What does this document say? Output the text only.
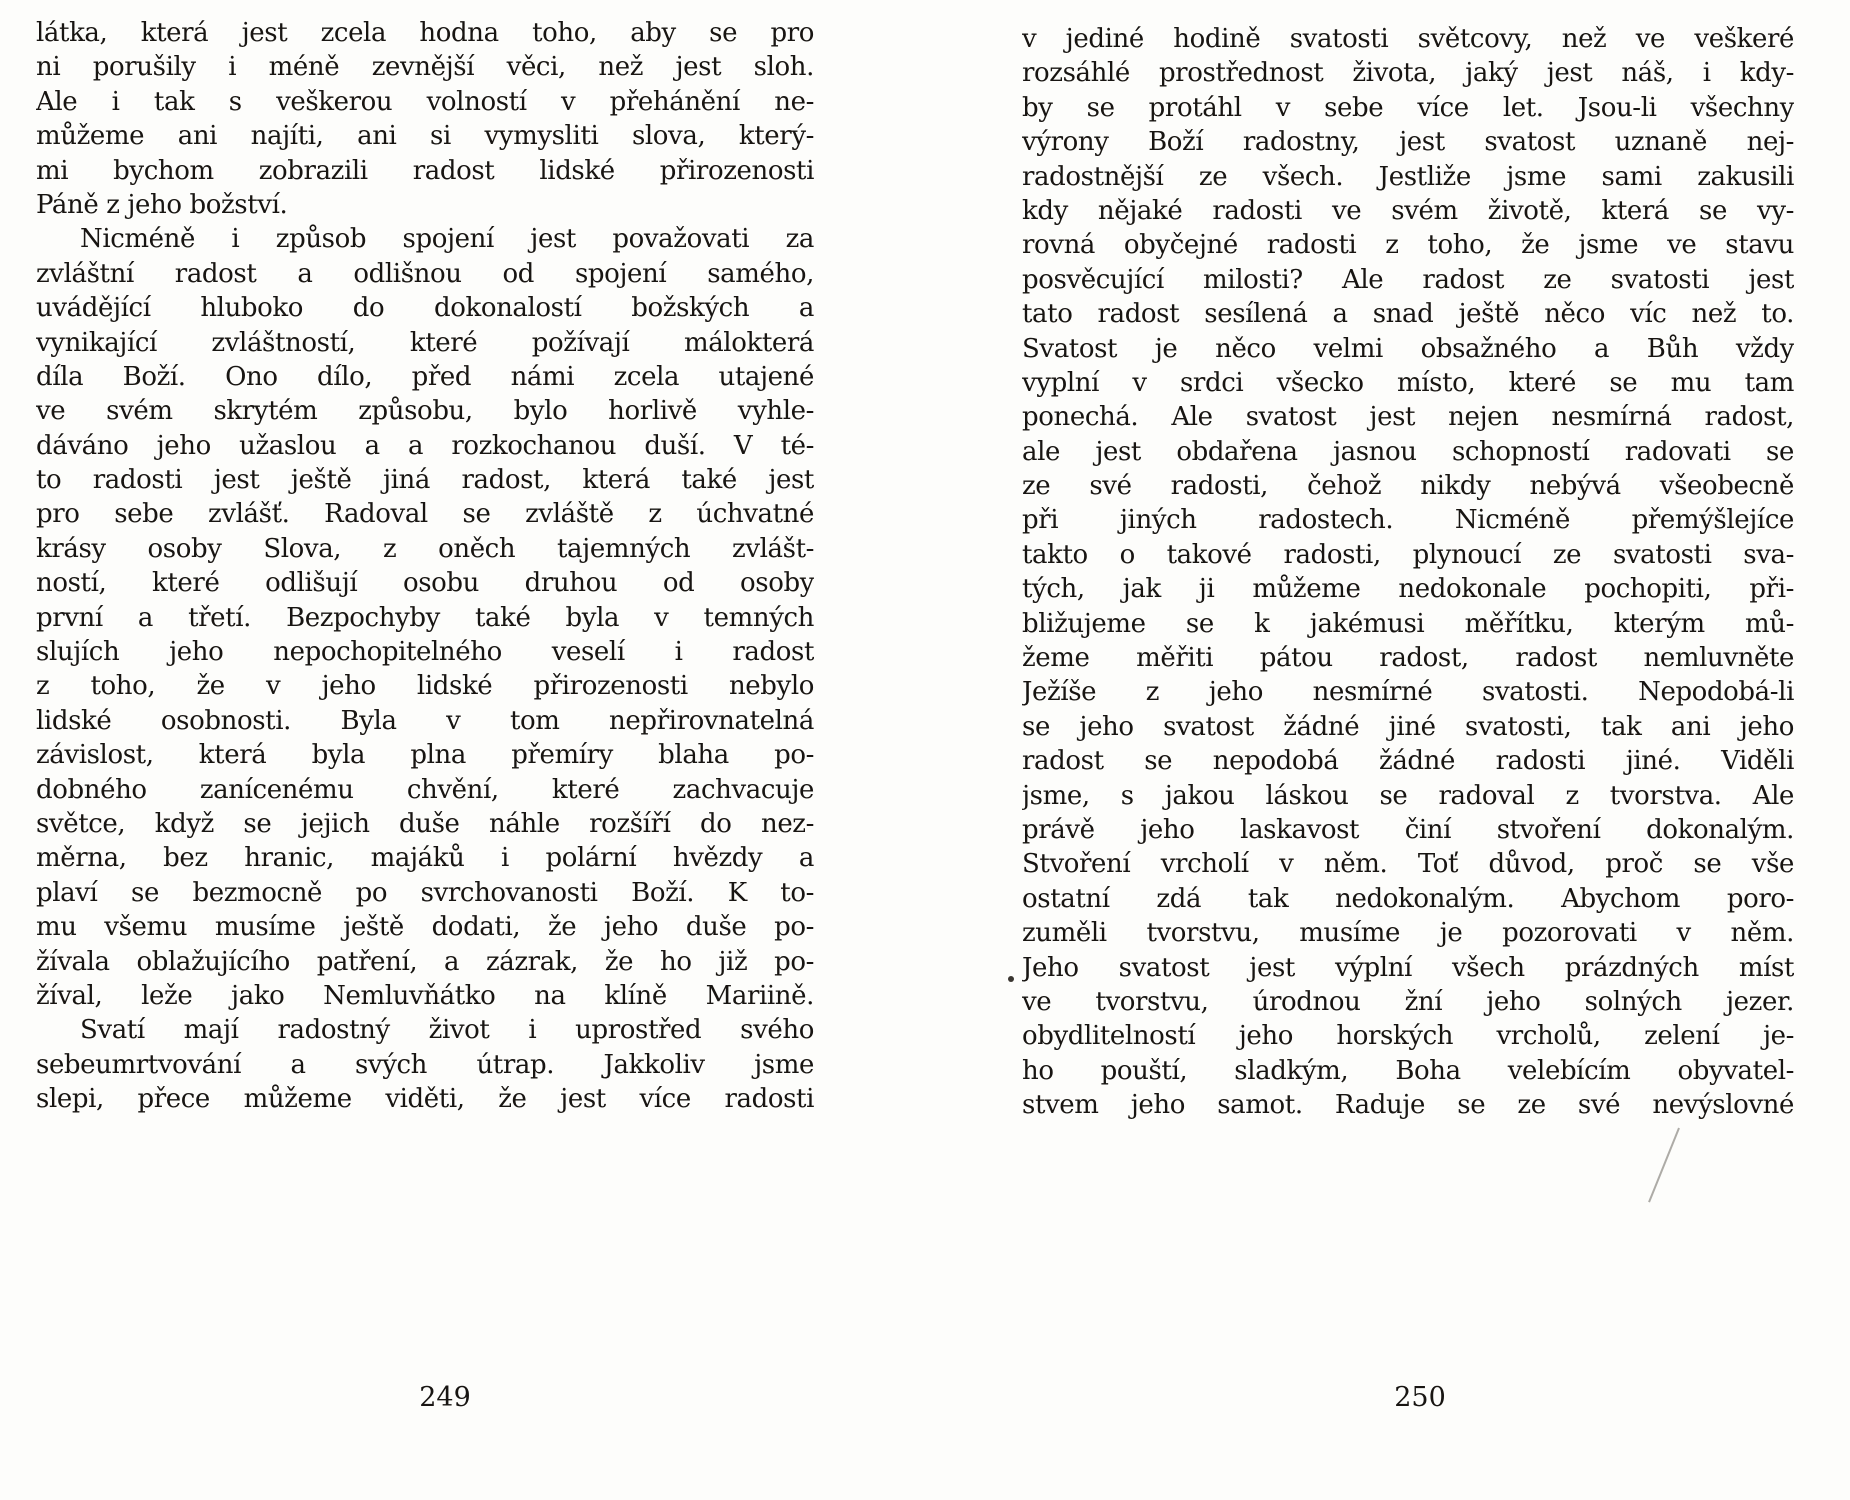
látka, která jest zcela hodna toho, aby se pro
ni porušily i méně zevnější věci, než jest sloh.
Ale i tak s veškerou volností v přehánění ne-
můžeme ani najíti, ani si vymysliti slova, který-
mi bychom zobrazili radost lidské přirozenosti
Páně z jeho božství.
Nicméně i způsob spojení jest považovati za
zvláštní radost a odlišnou od spojení samého,
uvádějící hluboko do dokonalostí božských a
vynikající zvláštností, které požívají málokterá
díla Boží. Ono dílo, před námi zcela utajené
ve svém skrytém způsobu, bylo horlivě vyhle-
dáváno jeho užaslou a a rozkochanou duší. V té-
to radosti jest ještě jiná radost, která také jest
pro sebe zvlášť. Radoval se zvláště z úchvatné
krásy osoby Slova, z oněch tajemných zvlášt-
ností, které odlišují osobu druhou od osoby
první a třetí. Bezpochyby také byla v temných
slujích jeho nepochopitelného veselí i radost
z toho, že v jeho lidské přirozenosti nebylo
lidské osobnosti. Byla v tom nepřirovnatelná
závislost, která byla plna přemíry blaha po-
dobného zanícenému chvění, které zachvacuje
světce, když se jejich duše náhle rozšíří do nez-
měrna, bez hranic, majáků i polární hvězdy a
plaví se bezmocně po svrchovanosti Boží. K to-
mu všemu musíme ještě dodati, že jeho duše po-
žívala oblažujícího patření, a zázrak, že ho již po-
žíval, leže jako Nemluvňátko na klíně Mariině.
Svatí mají radostný život i uprostřed svého
sebeumrtvování a svých útrap. Jakkoliv jsme
slepi, přece můžeme viděti, že jest více radosti
v jediné hodině svatosti světcovy, než ve veškeré
rozsáhlé prostřednost života, jaký jest náš, i kdy-
by se protáhl v sebe více let. Jsou-li všechny
výrony Boží radostny, jest svatost uznaně nej-
radostnější ze všech. Jestliže jsme sami zakusili
kdy nějaké radosti ve svém životě, která se vy-
rovná obyčejné radosti z toho, že jsme ve stavu
posvěcující milosti? Ale radost ze svatosti jest
tato radost sesílená a snad ještě něco víc než to.
Svatost je něco velmi obsažného a Bůh vždy
vyplní v srdci všecko místo, které se mu tam
ponechá. Ale svatost jest nejen nesmírná radost,
ale jest obdařena jasnou schopností radovati se
ze své radosti, čehož nikdy nebývá všeobecně
při jiných radostech. Nicméně přemýšlejíce
takto o takové radosti, plynoucí ze svatosti sva-
tých, jak ji můžeme nedokonale pochopiti, při-
bližujeme se k jakémusi měřítku, kterým mů-
žeme měřiti pátou radost, radost nemluvněte
Ježíše z jeho nesmírné svatosti. Nepodobá-li
se jeho svatost žádné jiné svatosti, tak ani jeho
radost se nepodobá žádné radosti jiné. Viděli
jsme, s jakou láskou se radoval z tvorstva. Ale
právě jeho laskavost činí stvoření dokonalým.
Stvoření vrcholí v něm. Toť důvod, proč se vše
ostatní zdá tak nedokonalým. Abychom poro-
zuměli tvorstvu, musíme je pozorovati v něm.
Jeho svatost jest výplní všech prázdných míst
ve tvorstvu, úrodnou žní jeho solných jezer.
obydlitelností jeho horských vrcholů, zelení je-
ho pouští, sladkým, Boha velebícím obyvatel-
stvem jeho samot. Raduje se ze své nevýslovné
249	250
